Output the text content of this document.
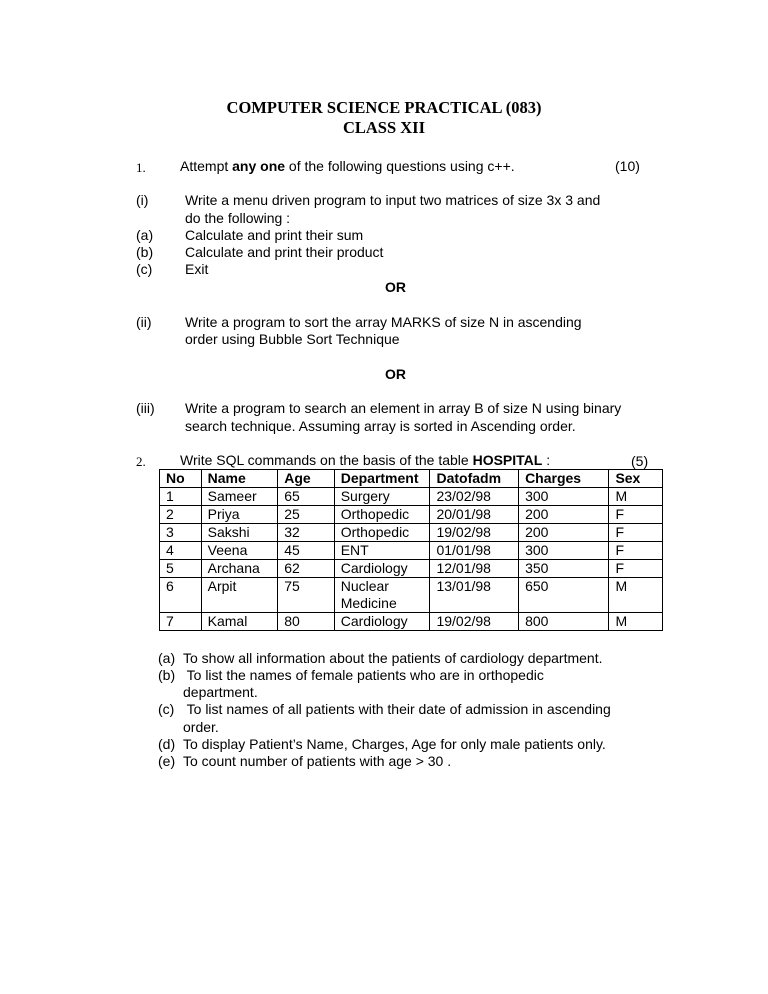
COMPUTER SCIENCE PRACTICAL (083)
CLASS XII
1. Attempt any one of the following questions using c++.	(10)
(i)	Write a menu driven program to input two matrices of size 3x 3 and
do the following :
(a) Calculate and print their sum
(b) Calculate and print their product
(c) Exit
OR
(ii) Write a program to sort the array MARKS of size N in ascending
order using Bubble Sort Technique
OR
(iii) Write a program to search an element in array B of size N using binary
search technique. Assuming array is sorted in Ascending order.
2. Write SQL commands on the basis of the table HOSPITAL :	(5)
No	Name	Age	Department	Datofadm	Charges	Sex
1	Sameer	65	Surgery	23/02/98	300	M
2	Priya	25	Orthopedic	20/01/98	200	F
3	Sakshi	32	Orthopedic	19/02/98	200	F
4	Veena	45	ENT	01/01/98	300	F
5	Archana	62	Cardiology	12/01/98	350	F
6	Arpit	75	Nuclear Medicine	13/01/98	650	M
7	Kamal	80	Cardiology	19/02/98	800	M
(a) To show all information about the patients of cardiology department.
(b) To list the names of female patients who are in orthopedic
department.
(c) To list names of all patients with their date of admission in ascending
order.
(d) To display Patient’s Name, Charges, Age for only male patients only.
(e) To count number of patients with age > 30 .
